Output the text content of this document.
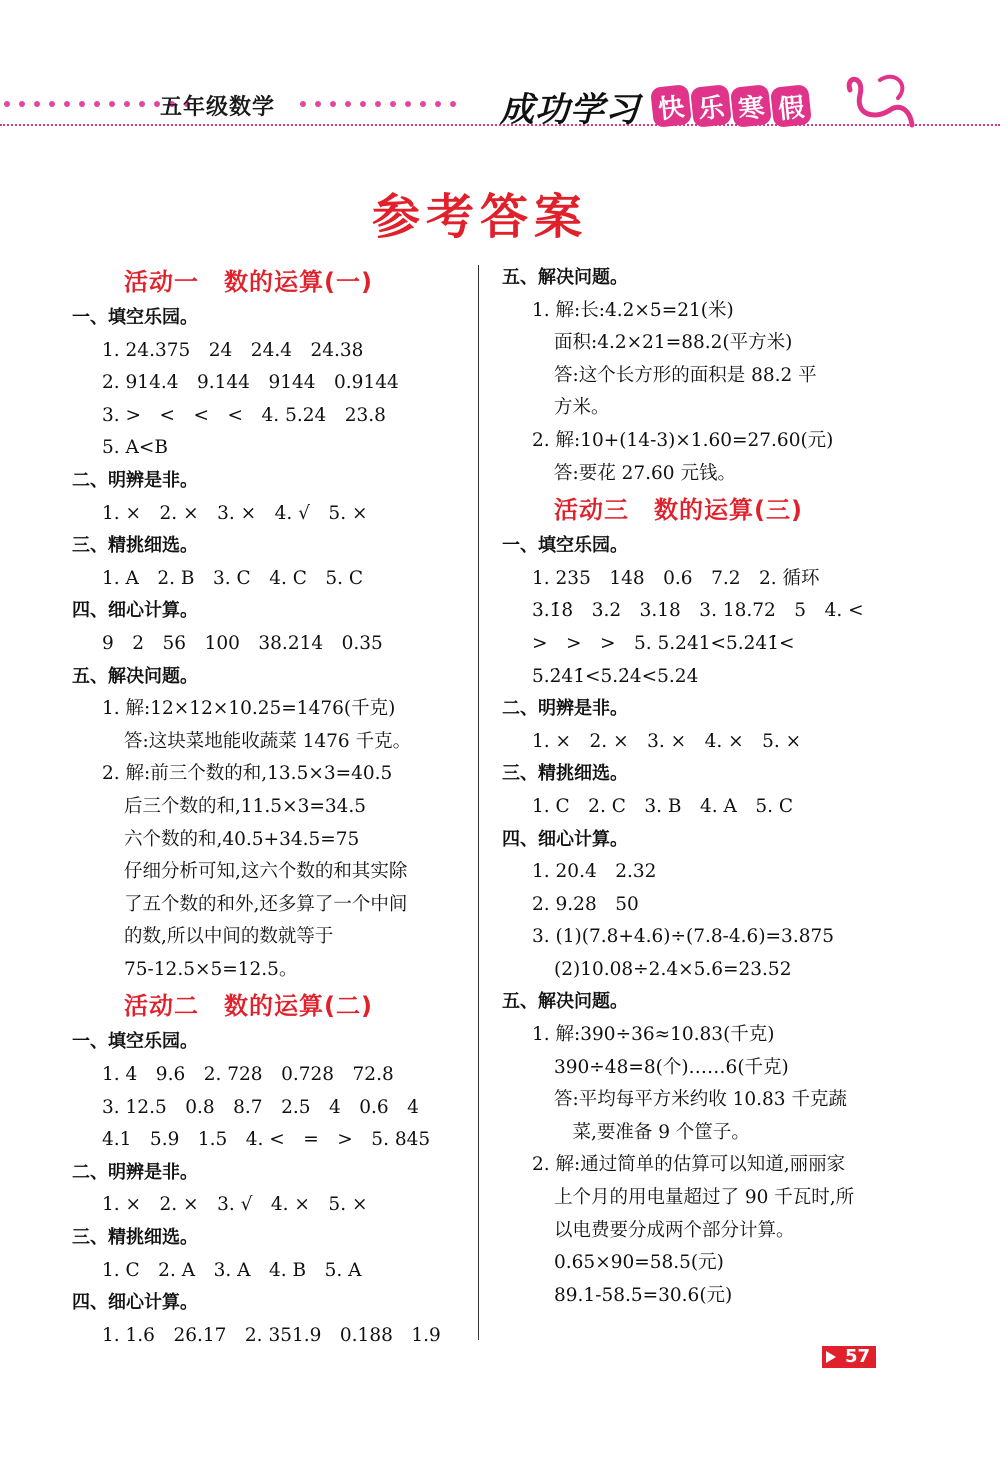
五年级数学	成功学习 快 乐 寒 假
参考答案
活动一　数的运算(一)
一、填空乐园。
1. 24.375　24　24.4　24.38
2. 914.4　9.144　9144　0.9144
3. >　<　<　<　4. 5.24　23.8
5. A<B
二、明辨是非。
1. ×　2. ×　3. ×　4. √　5. ×
三、精挑细选。
1. A　2. B　3. C　4. C　5. C
四、细心计算。
9　2　56　100　38.214　0.35
五、解决问题。
1. 解:12×12×10.25=1476(千克)
答:这块菜地能收蔬菜 1476 千克。
2. 解:前三个数的和,13.5×3=40.5
后三个数的和,11.5×3=34.5
六个数的和,40.5+34.5=75
仔细分析可知,这六个数的和其实除
了五个数的和外,还多算了一个中间
的数,所以中间的数就等于
75-12.5×5=12.5。
活动二　数的运算(二)
一、填空乐园。
1. 4　9.6　2. 728　0.728　72.8
3. 12.5　0.8　8.7　2.5　4　0.6　4
4.1　5.9　1.5　4. <　=　>　5. 845
二、明辨是非。
1. ×　2. ×　3. √　4. ×　5. ×
三、精挑细选。
1. C　2. A　3. A　4. B　5. A
四、细心计算。
1. 1.6　26.17　2. 351.9　0.188　1.9
五、解决问题。
1. 解:长:4.2×5=21(米)
面积:4.2×21=88.2(平方米)
答:这个长方形的面积是 88.2 平
方米。
2. 解:10+(14-3)×1.60=27.60(元)
答:要花 27.60 元钱。
活动三　数的运算(三)
一、填空乐园。
1. 235　148　0.6　7.2　2. 循环
3.1̇8̇　3.2　3.18　3. 18.72　5　4. <
>　>　>　5. 5.241<5.2̇4̇1̇<
5.2̇41̇<5.2̇4̇<5.24
二、明辨是非。
1. ×　2. ×　3. ×　4. ×　5. ×
三、精挑细选。
1. C　2. C　3. B　4. A　5. C
四、细心计算。
1. 20.4　2.32
2. 9.28　50
3. (1)(7.8+4.6)÷(7.8-4.6)=3.875
(2)10.08÷2.4×5.6=23.52
五、解决问题。
1. 解:390÷36≈10.83(千克)
390÷48=8(个)……6(千克)
答:平均每平方米约收 10.83 千克蔬
　菜,要准备 9 个筐子。
2. 解:通过简单的估算可以知道,丽丽家
上个月的用电量超过了 90 千瓦时,所
以电费要分成两个部分计算。
0.65×90=58.5(元)
89.1-58.5=30.6(元)
57
